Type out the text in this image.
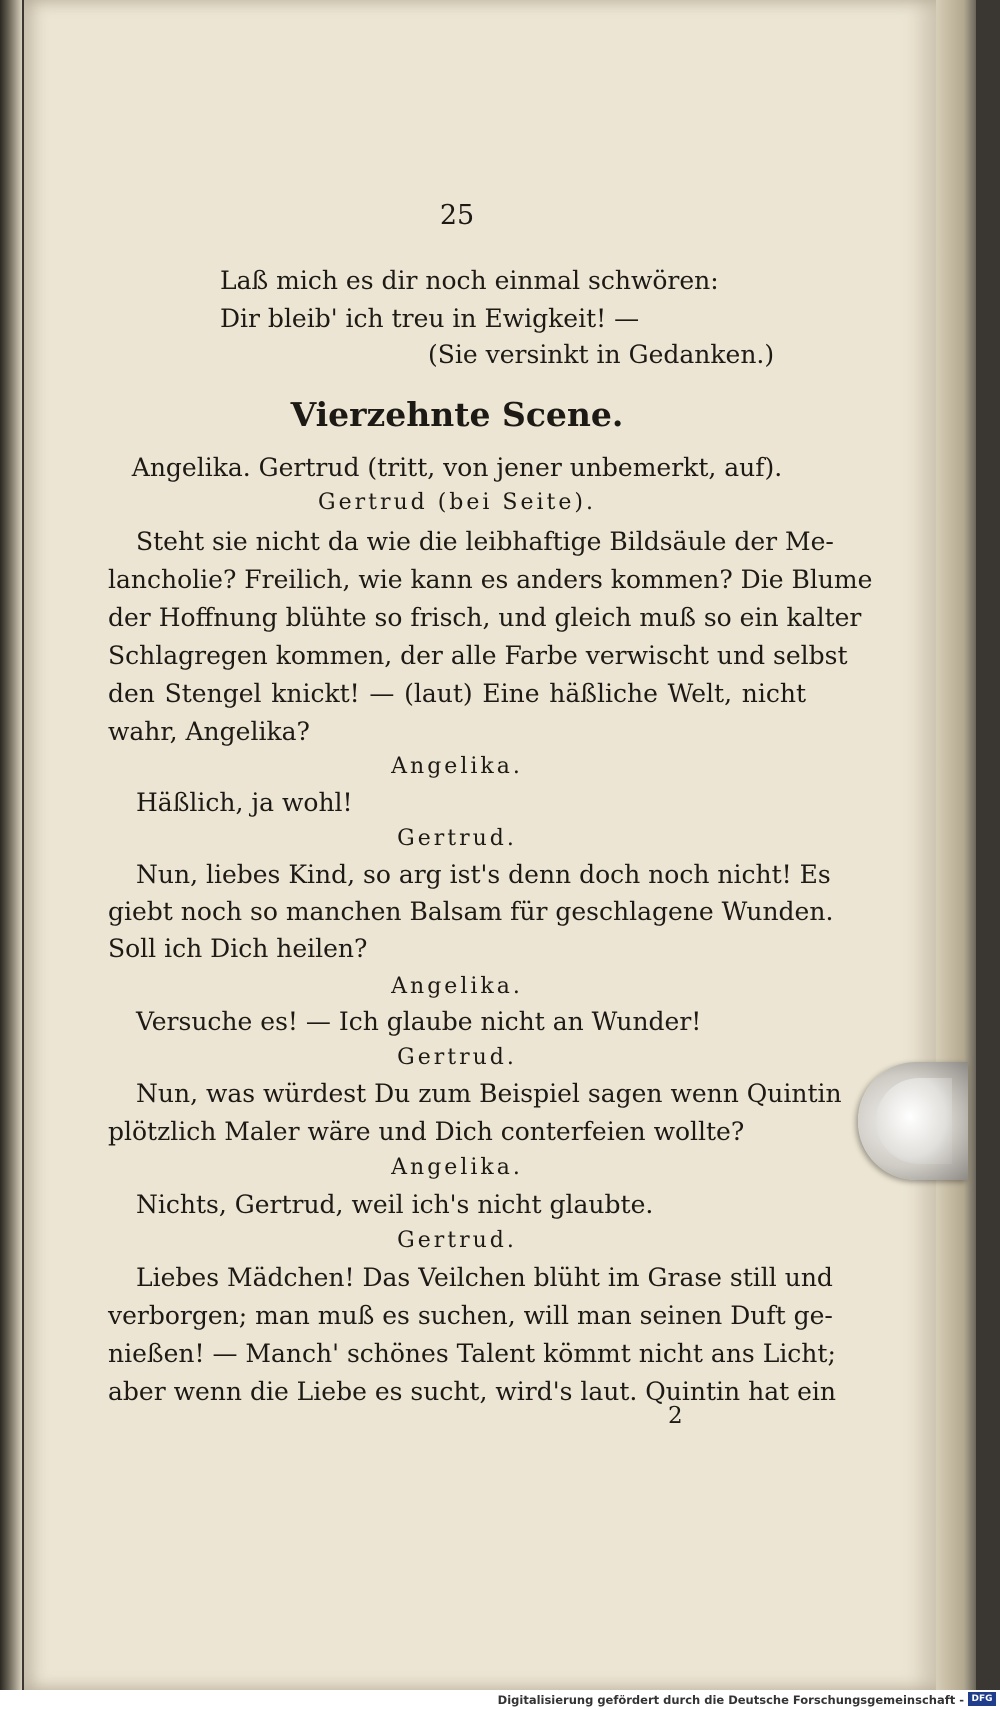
25
Laß mich es dir noch einmal schwören:
Dir bleib' ich treu in Ewigkeit! —
(Sie versinkt in Gedanken.)
Vierzehnte Scene.
Angelika. Gertrud (tritt, von jener unbemerkt, auf).
Gertrud (bei Seite).
Steht sie nicht da wie die leibhaftige Bildsäule der Me-
lancholie? Freilich, wie kann es anders kommen? Die Blume
der Hoffnung blühte so frisch, und gleich muß so ein kalter
Schlagregen kommen, der alle Farbe verwischt und selbst
den Stengel knickt! — (laut) Eine häßliche Welt, nicht
wahr, Angelika?
Angelika.
Häßlich, ja wohl!
Gertrud.
Nun, liebes Kind, so arg ist's denn doch noch nicht! Es
giebt noch so manchen Balsam für geschlagene Wunden.
Soll ich Dich heilen?
Angelika.
Versuche es! — Ich glaube nicht an Wunder!
Gertrud.
Nun, was würdest Du zum Beispiel sagen wenn Quintin
plötzlich Maler wäre und Dich conterfeien wollte?
Angelika.
Nichts, Gertrud, weil ich's nicht glaubte.
Gertrud.
Liebes Mädchen! Das Veilchen blüht im Grase still und
verborgen; man muß es suchen, will man seinen Duft ge-
nießen! — Manch' schönes Talent kömmt nicht ans Licht;
aber wenn die Liebe es sucht, wird's laut. Quintin hat ein
2
Digitalisierung gefördert durch die Deutsche Forschungsgemeinschaft - DFG
